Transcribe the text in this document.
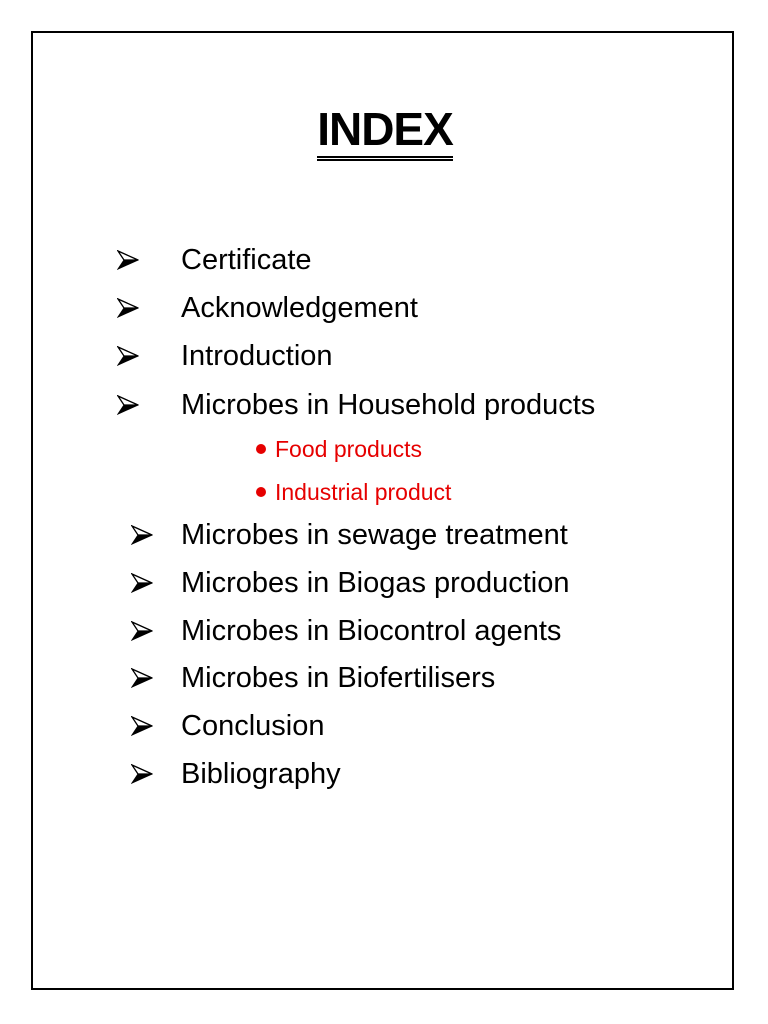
INDEX
Certificate
Acknowledgement
Introduction
Microbes in Household products
Food products
Industrial product
Microbes in sewage treatment
Microbes in Biogas production
Microbes in Biocontrol agents
Microbes in Biofertilisers
Conclusion
Bibliography
